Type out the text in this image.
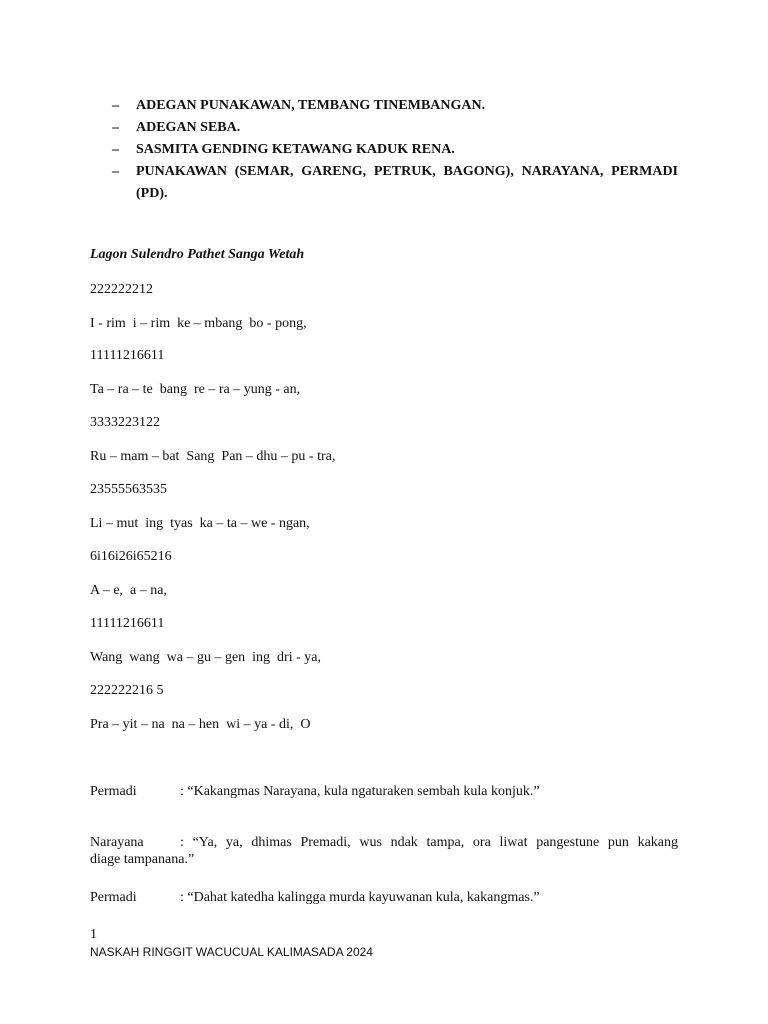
–	ADEGAN PUNAKAWAN, TEMBANG TINEMBANGAN.
–	ADEGAN SEBA.
–	SASMITA GENDING KETAWANG KADUK RENA.
–	PUNAKAWAN (SEMAR, GARENG, PETRUK, BAGONG), NARAYANA, PERMADI (PD).
Lagon Sulendro Pathet Sanga Wetah
222222212
I - rim  i – rim  ke – mbang  bo - pong,
11111216611
Ta – ra – te  bang  re – ra – yung - an,
3333223122
Ru – mam – bat  Sang  Pan – dhu – pu - tra,
23555563535
Li – mut  ing  tyas  ka – ta – we - ngan,
6i16i26i65216
A – e,  a – na,
11111216611
Wang  wang  wa – gu – gen  ing  dri - ya,
222222216 5
Pra – yit – na  na – hen  wi – ya - di,  O
Permadi	: “Kakangmas Narayana, kula ngaturaken sembah kula konjuk.”
Narayana	: “Ya, ya, dhimas Premadi, wus ndak tampa, ora liwat pangestune pun kakang
diage tampanana.”
Permadi	: “Dahat katedha kalingga murda kayuwanan kula, kakangmas.”
1
NASKAH RINGGIT WACUCUAL KALIMASADA 2024
